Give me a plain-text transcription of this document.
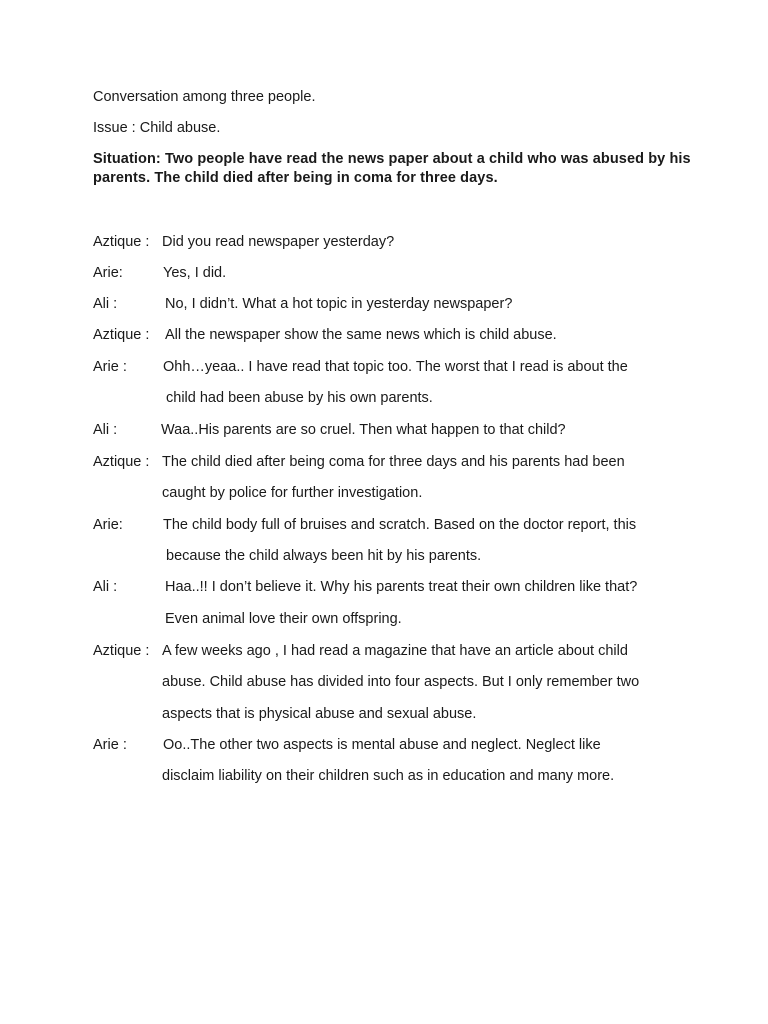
Conversation among three people.
Issue : Child abuse.
Situation: Two people have read the news paper about a child who was abused by his parents. The child died after being in coma for three days.
Aztique : Did you read newspaper yesterday?
Arie:	Yes, I did.
Ali :	No, I didn’t. What a hot topic in yesterday newspaper?
Aztique : All the newspaper show the same news which is child abuse.
Arie : Ohh…yeaa.. I have read that topic too. The worst that I read is about the
child had been abuse by his own parents.
Ali :	Waa..His parents are so cruel. Then what happen to that child?
Aztique : The child died after being coma for three days and his parents had been
caught by police for further investigation.
Arie:	The child body full of bruises and scratch. Based on the doctor report, this
because the child always been hit by his parents.
Ali :	Haa..!! I don’t believe it. Why his parents treat their own children like that?
Even animal love their own offspring.
Aztique : A few weeks ago , I had read a magazine that have an article about child
abuse. Child abuse has divided into four aspects. But I only remember two
aspects that is physical abuse and sexual abuse.
Arie : Oo..The other two aspects is mental abuse and neglect. Neglect like
disclaim liability on their children such as in education and many more.
